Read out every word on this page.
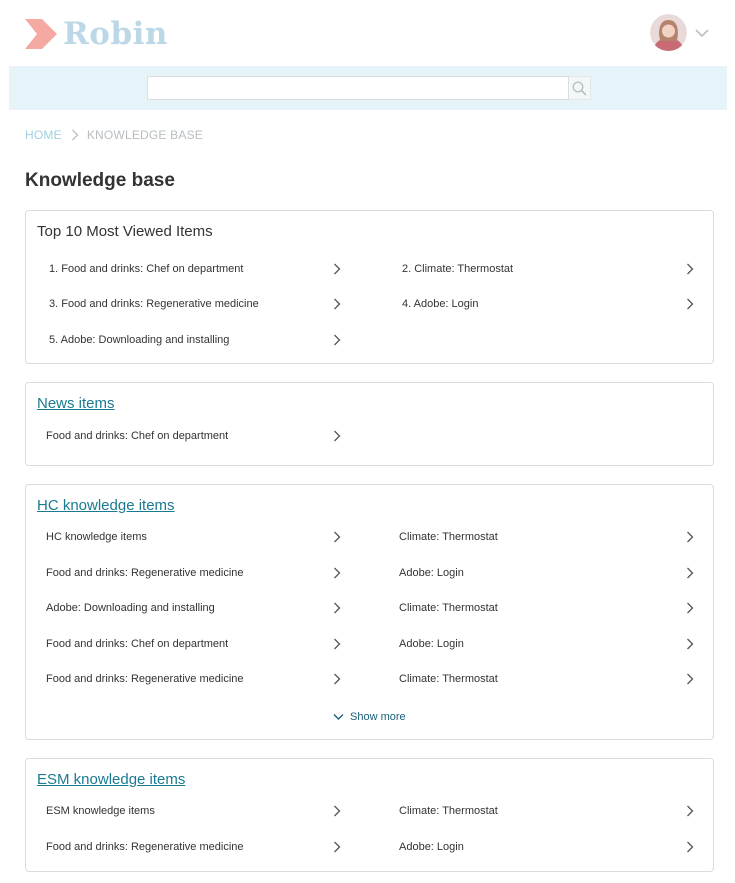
Robin
HOME KNOWLEDGE BASE
Knowledge base
Top 10 Most Viewed Items
1. Food and drinks: Chef on department	2. Climate: Thermostat
3. Food and drinks: Regenerative medicine	4. Adobe: Login
5. Adobe: Downloading and installing
News items
Food and drinks: Chef on department
HC knowledge items
HC knowledge items	Climate: Thermostat
Food and drinks: Regenerative medicine	Adobe: Login
Adobe: Downloading and installing	Climate: Thermostat
Food and drinks: Chef on department	Adobe: Login
Food and drinks: Regenerative medicine	Climate: Thermostat
Show more
ESM knowledge items
ESM knowledge items	Climate: Thermostat
Food and drinks: Regenerative medicine	Adobe: Login
